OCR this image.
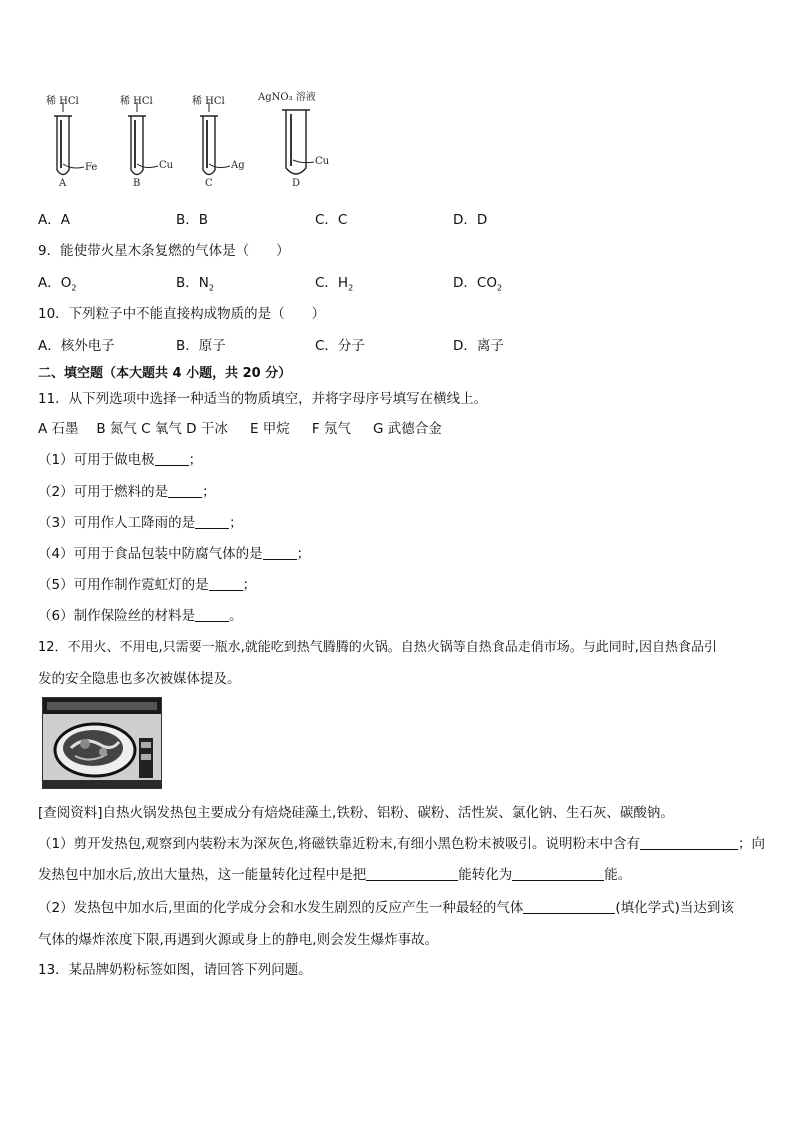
稀 HCl	稀 HCl	稀 HCl	AgNO₃ 溶液
Fe	Cu	Ag	Cu
A	B	C	D
A．A	B．B	C．C	D．D
9．能使带火星木条复燃的气体是（　　）
A．$O_2$	B．$N_2$	C．$H_2$	D．$CO_2$
10．下列粒子中不能直接构成物质的是（　　）
A．核外电子	B．原子	C．分子	D．离子
二、填空题（本大题共 4 小题，共 20 分）
11．从下列选项中选择一种适当的物质填空，并将字母序号填写在横线上。
A 石墨　 B 氮气 C 氧气 D 干冰 　 E 甲烷 　 F 氖气 　 G 武德合金
（1）可用于做电极	；
（2）可用于燃料的是	；
（3）可用作人工降雨的是	；
（4）可用于食品包装中防腐气体的是	；
（5）可用作制作霓虹灯的是	；
（6）制作保险丝的材料是	。
12．不用火、不用电,只需要一瓶水,就能吃到热气腾腾的火锅。自热火锅等自热食品走俏市场。与此同时,因自热食品引
发的安全隐患也多次被媒体提及。
[查阅资料]自热火锅发热包主要成分有焙烧硅藻土,铁粉、铝粉、碳粉、活性炭、氯化钠、生石灰、碳酸钠。
（1）剪开发热包,观察到内装粉末为深灰色,将磁铁靠近粉末,有细小黑色粉末被吸引。说明粉末中含有	；向
发热包中加水后,放出大量热，这一能量转化过程中是把	能转化为	能。
（2）发热包中加水后,里面的化学成分会和水发生剧烈的反应产生一种最轻的气体	(填化学式)当达到该
气体的爆炸浓度下限,再遇到火源或身上的静电,则会发生爆炸事故。
13．某品牌奶粉标签如图，请回答下列问题。
